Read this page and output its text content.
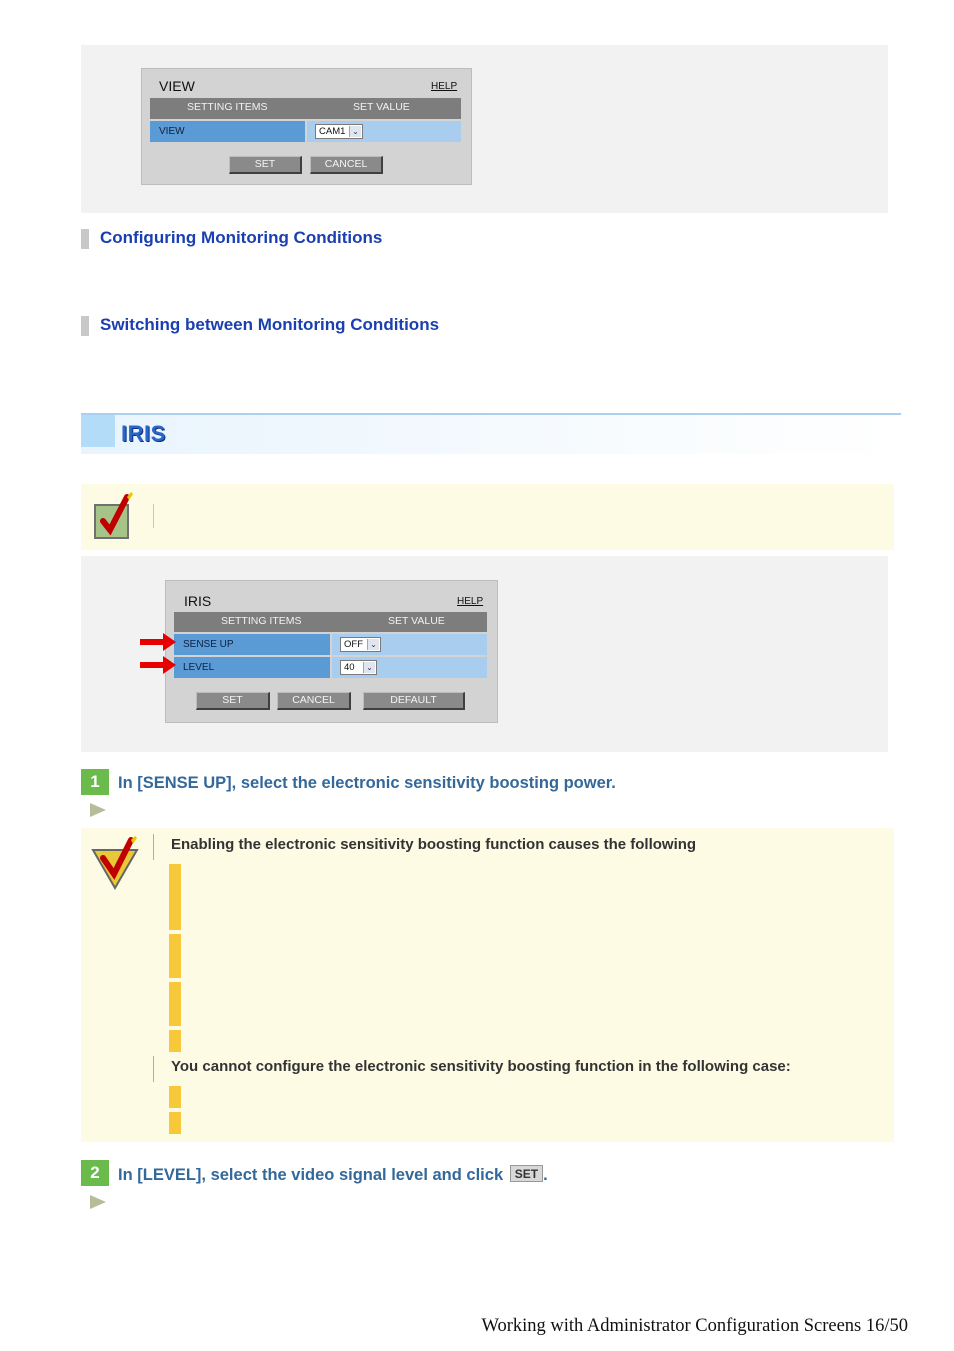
VIEW	HELP
SETTING ITEMS	SET VALUE
VIEW	CAM1 ⌄
SET	CANCEL
Configuring Monitoring Conditions
Switching between Monitoring Conditions
IRIS
IRIS	HELP
SETTING ITEMS	SET VALUE
SENSE UP	OFF ⌄
LEVEL	40	⌄
SET	CANCEL	DEFAULT
1	In [SENSE UP], select the electronic sensitivity boosting power.
Enabling the electronic sensitivity boosting function causes the following
You cannot configure the electronic sensitivity boosting function in the following case:
2	In [LEVEL], select the video signal level and click SET .
Working with Administrator Configuration Screens 16/50
